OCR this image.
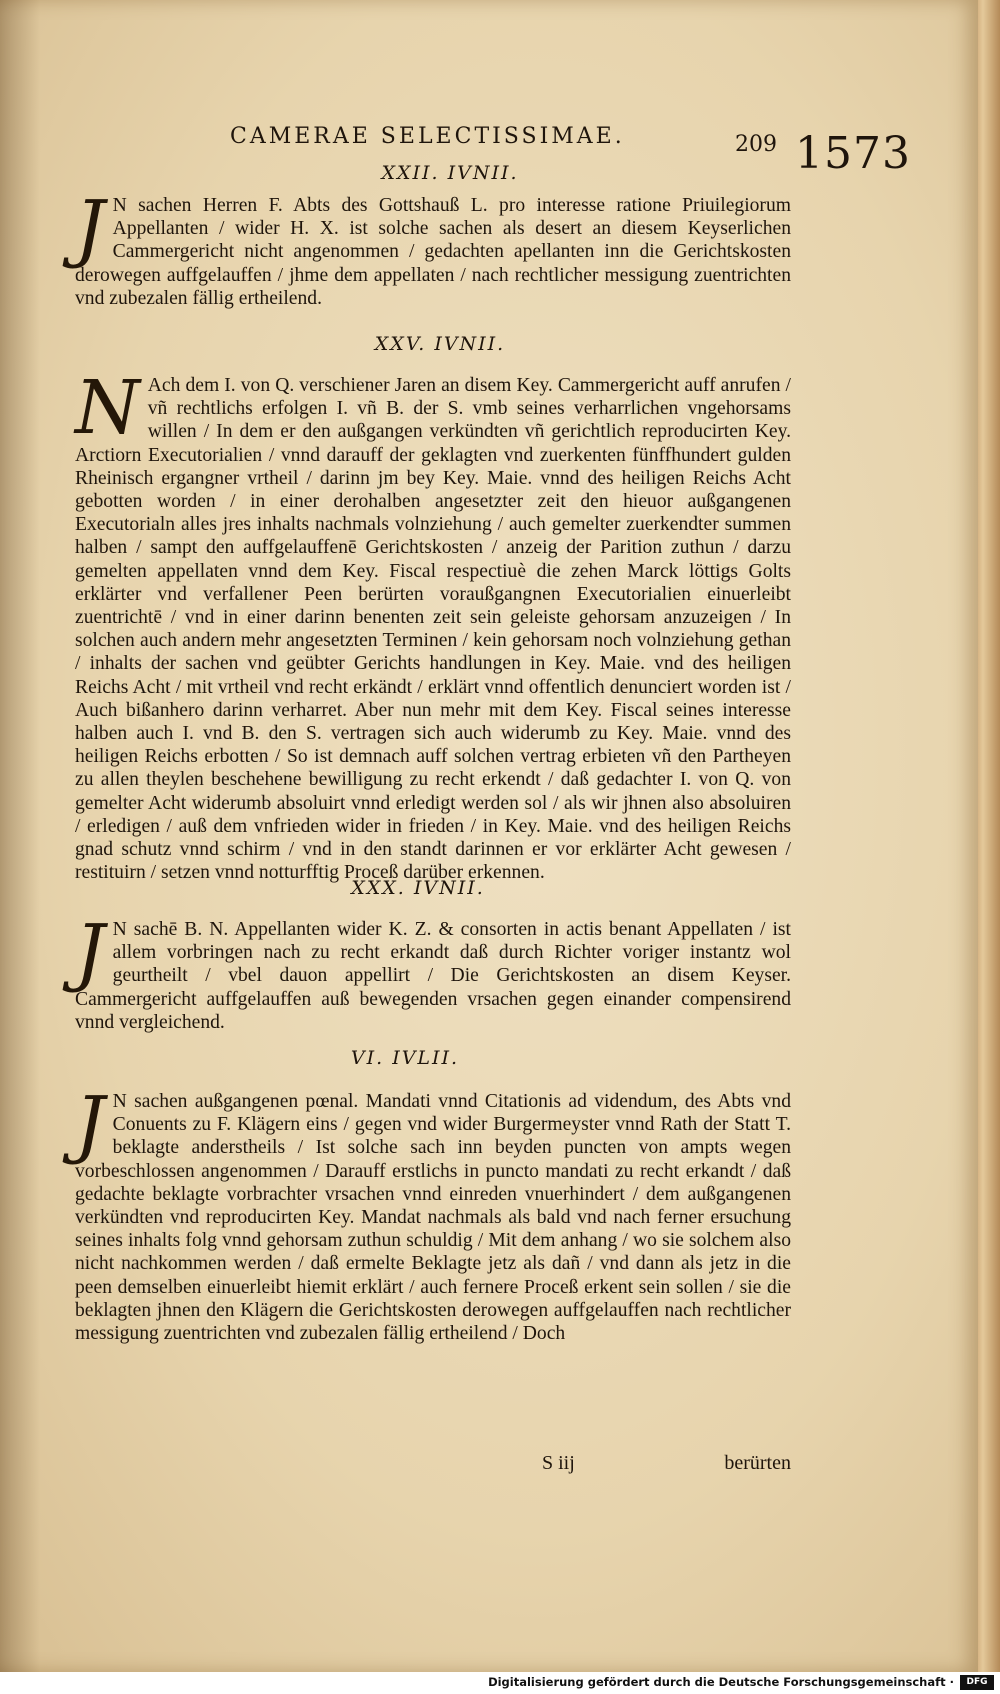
CAMERAE SELECTISSIMAE.	209 1573
XXII. IVNII.
J N sachen Herren F. Abts des Gottshauß L. pro interesse ratione Priuilegiorum Appellanten / wider H. X. ist solche sachen als desert an diesem Keyserlichen Cammergericht nicht angenommen / gedachten apellanten inn die Gerichtskosten derowegen auffgelauffen / jhme dem appellaten / nach rechtlicher messigung zuentrichten vnd zubezalen fällig ertheilend.
XXV. IVNII.
N Ach dem I. von Q. verschiener Jaren an disem Key. Cammergericht auff anrufen / vñ rechtlichs erfolgen I. vñ B. der S. vmb seines verharrlichen vngehorsams willen / In dem er den außgangen verkündten vñ gerichtlich reproducirten Key. Arctiorn Executorialien / vnnd darauff der geklagten vnd zuerkenten fünffhundert gulden Rheinisch ergangner vrtheil / darinn jm bey Key. Maie. vnnd des heiligen Reichs Acht gebotten worden / in einer derohalben angesetzter zeit den hieuor außgangenen Executorialn alles jres inhalts nachmals volnziehung / auch gemelter zuerkendter summen halben / sampt den auffgelauffenē Gerichtskosten / anzeig der Parition zuthun / darzu gemelten appellaten vnnd dem Key. Fiscal respectiuè die zehen Marck löttigs Golts erklärter vnd verfallener Peen berürten voraußgangnen Executorialien einuerleibt zuentrichtē / vnd in einer darinn benenten zeit sein geleiste gehorsam anzuzeigen / In solchen auch andern mehr angesetzten Terminen / kein gehorsam noch volnziehung gethan / inhalts der sachen vnd geübter Gerichts handlungen in Key. Maie. vnd des heiligen Reichs Acht / mit vrtheil vnd recht erkändt / erklärt vnnd offentlich denunciert worden ist / Auch bißanhero darinn verharret. Aber nun mehr mit dem Key. Fiscal seines interesse halben auch I. vnd B. den S. vertragen sich auch widerumb zu Key. Maie. vnnd des heiligen Reichs erbotten / So ist demnach auff solchen vertrag erbieten vñ den Partheyen zu allen theylen beschehene bewilligung zu recht erkendt / daß gedachter I. von Q. von gemelter Acht widerumb absoluirt vnnd erledigt werden sol / als wir jhnen also absoluiren / erledigen / auß dem vnfrieden wider in frieden / in Key. Maie. vnd des heiligen Reichs gnad schutz vnnd schirm / vnd in den standt darinnen er vor erklärter Acht gewesen / restituirn / setzen vnnd notturfftig Proceß darüber erkennen.
XXX. IVNII.
J N sachē B. N. Appellanten wider K. Z. & consorten in actis benant Appellaten / ist allem vorbringen nach zu recht erkandt daß durch Richter voriger instantz wol geurtheilt / vbel dauon appellirt / Die Gerichtskosten an disem Keyser. Cammergericht auffgelauffen auß bewegenden vrsachen gegen einander compensirend vnnd vergleichend.
VI. IVLII.
J N sachen außgangenen pœnal. Mandati vnnd Citationis ad videndum, des Abts vnd Conuents zu F. Klägern eins / gegen vnd wider Burgermeyster vnnd Rath der Statt T. beklagte anderstheils / Ist solche sach inn beyden puncten von ampts wegen vorbeschlossen angenommen / Darauff erstlichs in puncto mandati zu recht erkandt / daß gedachte beklagte vorbrachter vrsachen vnnd einreden vnuerhindert / dem außgangenen verkündten vnd reproducirten Key. Mandat nachmals als bald vnd nach ferner ersuchung seines inhalts folg vnnd gehorsam zuthun schuldig / Mit dem anhang / wo sie solchem also nicht nachkommen werden / daß ermelte Beklagte jetz als dañ / vnd dann als jetz in die peen demselben einuerleibt hiemit erklärt / auch fernere Proceß erkent sein sollen / sie die beklagten jhnen den Klägern die Gerichtskosten derowegen auffgelauffen nach rechtlicher messigung zuentrichten vnd zubezalen fällig ertheilend / Doch
S iij	berürten
Digitalisierung gefördert durch die Deutsche Forschungsgemeinschaft ·	DFG
